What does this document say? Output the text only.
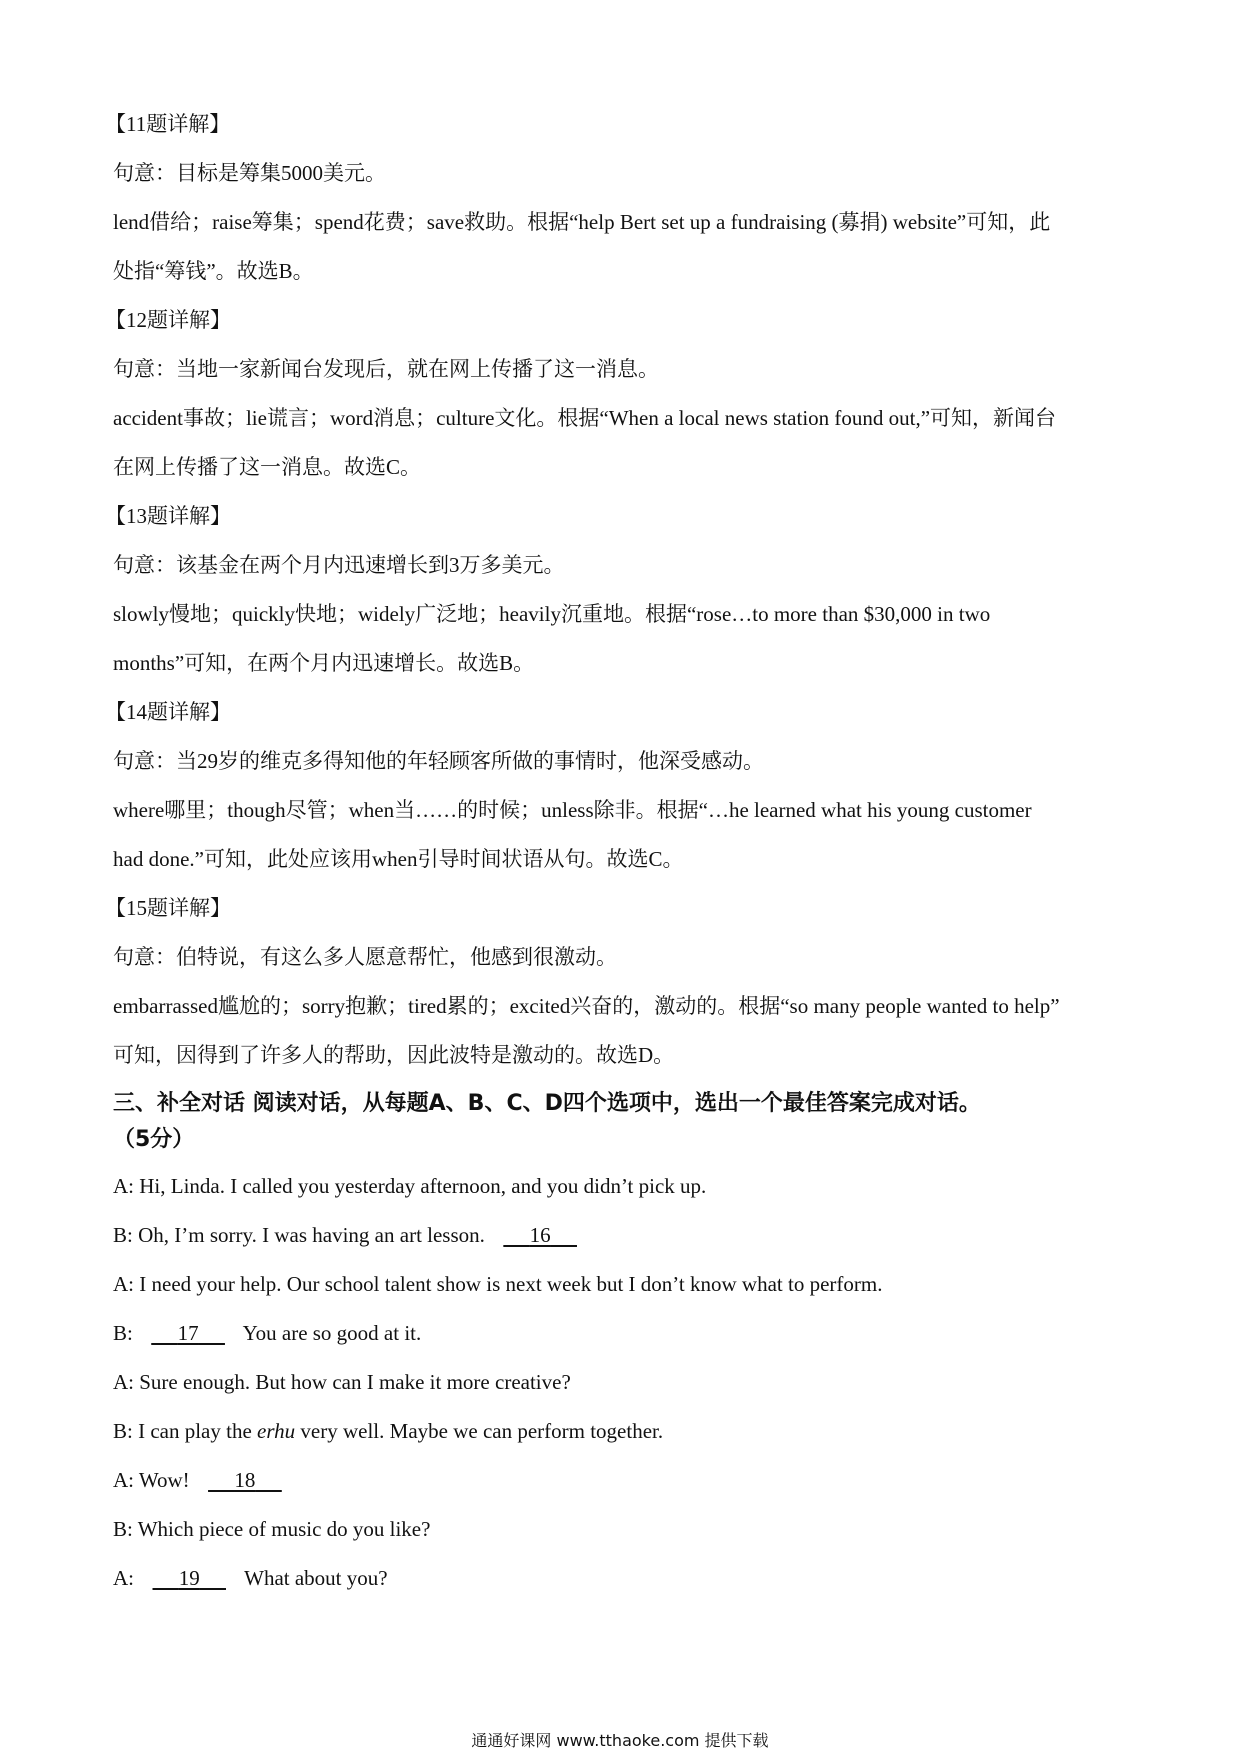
【11题详解】
句意：目标是筹集5000美元。
lend借给；raise筹集；spend花费；save救助。根据“help Bert set up a fundraising (募捐) website”可知，此
处指“筹钱”。故选B。
【12题详解】
句意：当地一家新闻台发现后，就在网上传播了这一消息。
accident事故；lie谎言；word消息；culture文化。根据“When a local news station found out,”可知，新闻台
在网上传播了这一消息。故选C。
【13题详解】
句意：该基金在两个月内迅速增长到3万多美元。
slowly慢地；quickly快地；widely广泛地；heavily沉重地。根据“rose…to more than $30,000 in two
months”可知，在两个月内迅速增长。故选B。
【14题详解】
句意：当29岁的维克多得知他的年轻顾客所做的事情时，他深受感动。
where哪里；though尽管；when当……的时候；unless除非。根据“…he learned what his young customer
had done.”可知，此处应该用when引导时间状语从句。故选C。
【15题详解】
句意：伯特说，有这么多人愿意帮忙，他感到很激动。
embarrassed尴尬的；sorry抱歉；tired累的；excited兴奋的，激动的。根据“so many people wanted to help”
可知，因得到了许多人的帮助，因此波特是激动的。故选D。
三、补全对话 阅读对话，从每题A、B、C、D四个选项中，选出一个最佳答案完成对话。
（5分）
A: Hi, Linda. I called you yesterday afternoon, and you didn’t pick up.
B: Oh, I’m sorry. I was having an art lesson. 16
A: I need your help. Our school talent show is next week but I don’t know what to perform.
B: 17 You are so good at it.
A: Sure enough. But how can I make it more creative?
B: I can play the erhu very well. Maybe we can perform together.
A: Wow! 18
B: Which piece of music do you like?
A: 19 What about you?
通通好课网 www.tthaoke.com 提供下载
